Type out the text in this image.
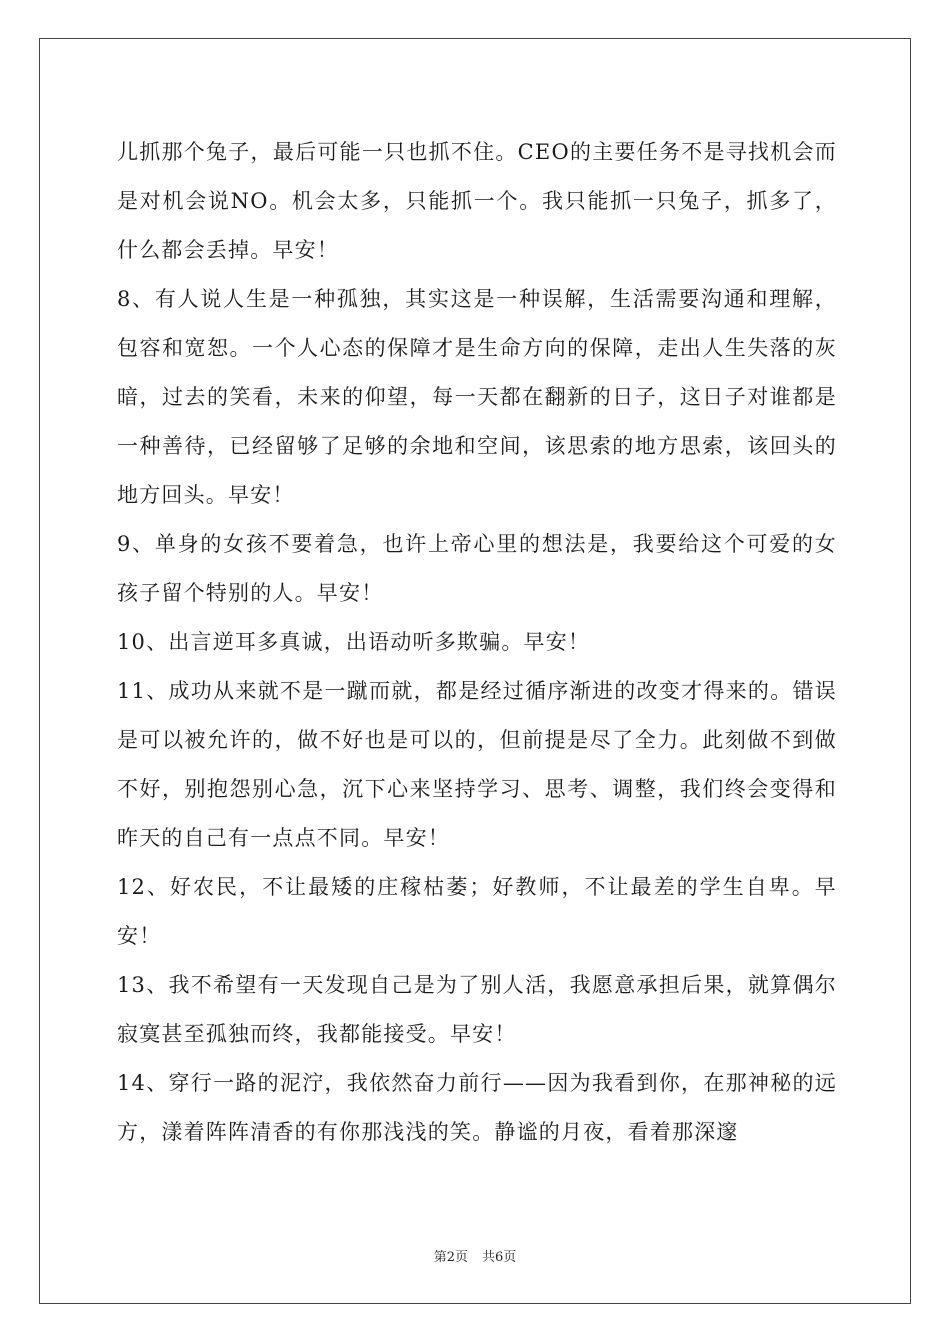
儿抓那个兔子，最后可能一只也抓不住。CEO的主要任务不是寻找机会而是对机会说NO。机会太多，只能抓一个。我只能抓一只兔子，抓多了，什么都会丢掉。早安！

8、有人说人生是一种孤独，其实这是一种误解，生活需要沟通和理解，包容和宽恕。一个人心态的保障才是生命方向的保障，走出人生失落的灰暗，过去的笑看，未来的仰望，每一天都在翻新的日子，这日子对谁都是一种善待，已经留够了足够的余地和空间，该思索的地方思索，该回头的地方回头。早安！

9、单身的女孩不要着急，也许上帝心里的想法是，我要给这个可爱的女孩子留个特别的人。早安！

10、出言逆耳多真诚，出语动听多欺骗。早安！

11、成功从来就不是一蹴而就，都是经过循序渐进的改变才得来的。错误是可以被允许的，做不好也是可以的，但前提是尽了全力。此刻做不到做不好，别抱怨别心急，沉下心来坚持学习、思考、调整，我们终会变得和昨天的自己有一点点不同。早安！

12、好农民，不让最矮的庄稼枯萎；好教师，不让最差的学生自卑。早安！

13、我不希望有一天发现自己是为了别人活，我愿意承担后果，就算偶尔寂寞甚至孤独而终，我都能接受。早安！

14、穿行一路的泥泞，我依然奋力前行——因为我看到你，在那神秘的远方，漾着阵阵清香的有你那浅浅的笑。静谧的月夜，看着那深邃

第2页 共6页
